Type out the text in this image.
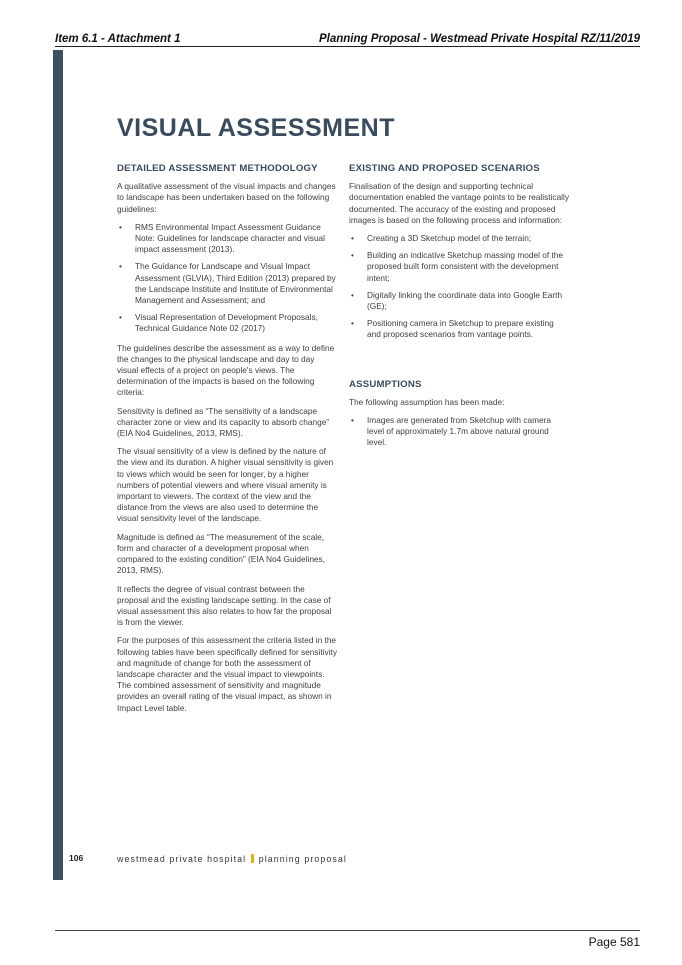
Item 6.1 - Attachment 1	Planning Proposal - Westmead Private Hospital RZ/11/2019
VISUAL ASSESSMENT
DETAILED ASSESSMENT METHODOLOGY
A qualitative assessment of the visual impacts and changes to landscape has been undertaken based on the following guidelines:
• RMS Environmental Impact Assessment Guidance Note: Guidelines for landscape character and visual impact assessment (2013).
• The Guidance for Landscape and Visual Impact Assessment (GLVIA), Third Edition (2013) prepared by the Landscape Institute and Institute of Environmental Management and Assessment; and
• Visual Representation of Development Proposals, Technical Guidance Note 02 (2017)
The guidelines describe the assessment as a way to define the changes to the physical landscape and day to day visual effects of a project on people's views. The determination of the impacts is based on the following criteria:
Sensitivity is defined as “The sensitivity of a landscape character zone or view and its capacity to absorb change” (EIA No4 Guidelines, 2013, RMS).
The visual sensitivity of a view is defined by the nature of the view and its duration. A higher visual sensitivity is given to views which would be seen for longer, by a higher numbers of potential viewers and where visual amenity is important to viewers. The context of the view and the distance from the views are also used to determine the visual sensitivity level of the landscape.
Magnitude is defined as “The measurement of the scale, form and character of a development proposal when compared to the existing condition” (EIA No4 Guidelines, 2013, RMS).
It reflects the degree of visual contrast between the proposal and the existing landscape setting. In the case of visual assessment this also relates to how far the proposal is from the viewer.
For the purposes of this assessment the criteria listed in the following tables have been specifically defined for sensitivity and magnitude of change for both the assessment of landscape character and the visual impact to viewpoints. The combined assessment of sensitivity and magnitude provides an overall rating of the visual impact, as shown in Impact Level table.
EXISTING AND PROPOSED SCENARIOS
Finalisation of the design and supporting technical documentation enabled the vantage points to be realistically documented. The accuracy of the existing and proposed images is based on the following process and information:
• Creating a 3D Sketchup model of the terrain;
• Building an indicative Sketchup massing model of the proposed built form consistent with the development intent;
• Digitally linking the coordinate data into Google Earth (GE);
• Positioning camera in Sketchup to prepare existing and proposed scenarios from vantage points.
ASSUMPTIONS
The following assumption has been made:
• Images are generated from Sketchup with camera level of approximately 1.7m above natural ground level.
106	westmead private hospital planning proposal
Page 581
